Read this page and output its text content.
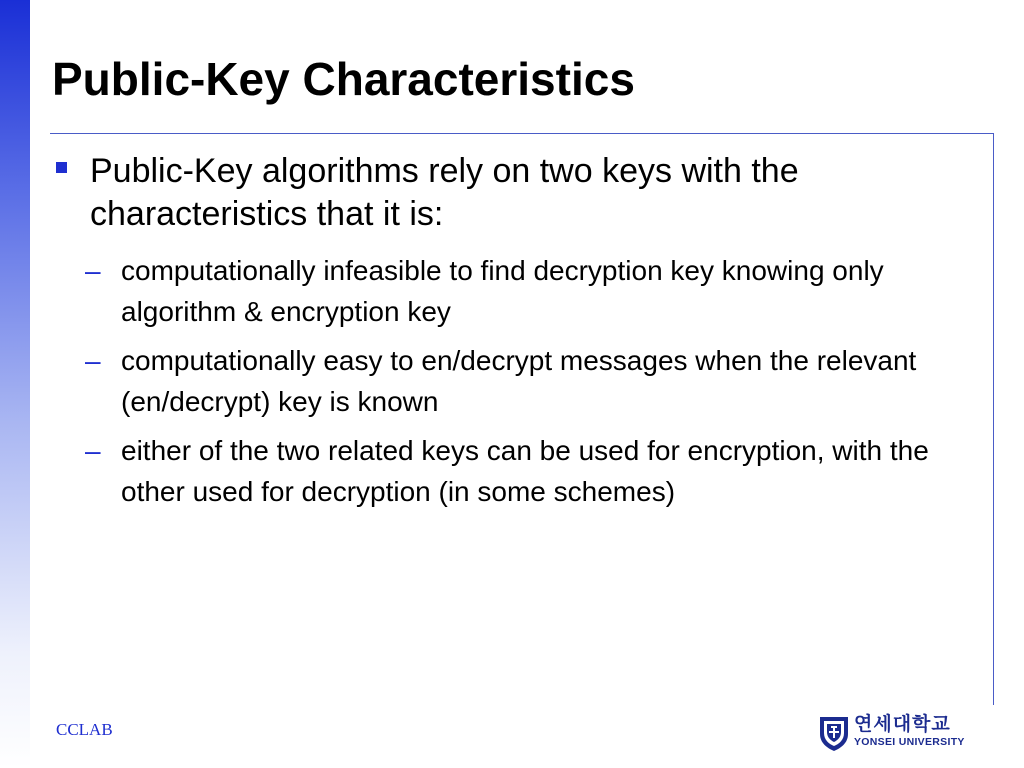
Public-Key Characteristics
Public-Key algorithms rely on two keys with the characteristics that it is:
– computationally infeasible to find decryption key knowing only algorithm & encryption key
– computationally easy to en/decrypt messages when the relevant (en/decrypt) key is known
– either of the two related keys can be used for encryption, with the other used for decryption (in some schemes)
CCLAB	연세대학교
YONSEI UNIVERSITY
